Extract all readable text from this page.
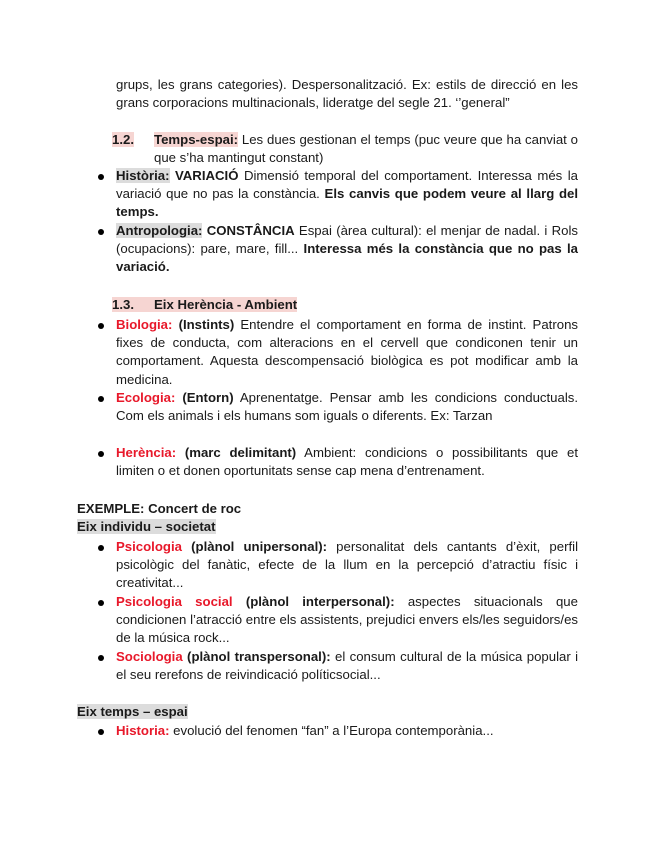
grups, les grans categories). Despersonalització. Ex: estils de direcció en les grans corporacions multinacionals, lideratge del segle 21. ‘’general”
1.2.	Temps-espai: Les dues gestionan el temps (puc veure que ha canviat o que s’ha mantingut constant)
Història: VARIACIÓ Dimensió temporal del comportament. Interessa més la variació que no pas la constància. Els canvis que podem veure al llarg del temps.
Antropologia: CONSTÂNCIA Espai (àrea cultural): el menjar de nadal. i Rols (ocupacions): pare, mare, fill... Interessa més la constància que no pas la variació.
1.3. Eix Herència - Ambient
Biologia: (Instints) Entendre el comportament en forma de instint. Patrons fixes de conducta, com alteracions en el cervell que condiconen tenir un comportament. Aquesta descompensació biològica es pot modificar amb la medicina.
Ecologia: (Entorn) Aprenentatge. Pensar amb les condicions conductuals. Com els animals i els humans som iguals o diferents. Ex: Tarzan
Herència: (marc delimitant) Ambient: condicions o possibilitants que et limiten o et donen oportunitats sense cap mena d’entrenament.
EXEMPLE: Concert de roc
Eix individu – societat
Psicologia (plànol unipersonal): personalitat dels cantants d’èxit, perfil psicològic del fanàtic, efecte de la llum en la percepció d’atractiu físic i creativitat...
Psicologia social (plànol interpersonal): aspectes situacionals que condicionen l’atracció entre els assistents, prejudici envers els/les seguidors/es de la música rock...
Sociologia (plànol transpersonal): el consum cultural de la música popular i el seu rerefons de reivindicació políticsocial...
Eix temps – espai
Historia: evolució del fenomen “fan” a l’Europa contemporània...
